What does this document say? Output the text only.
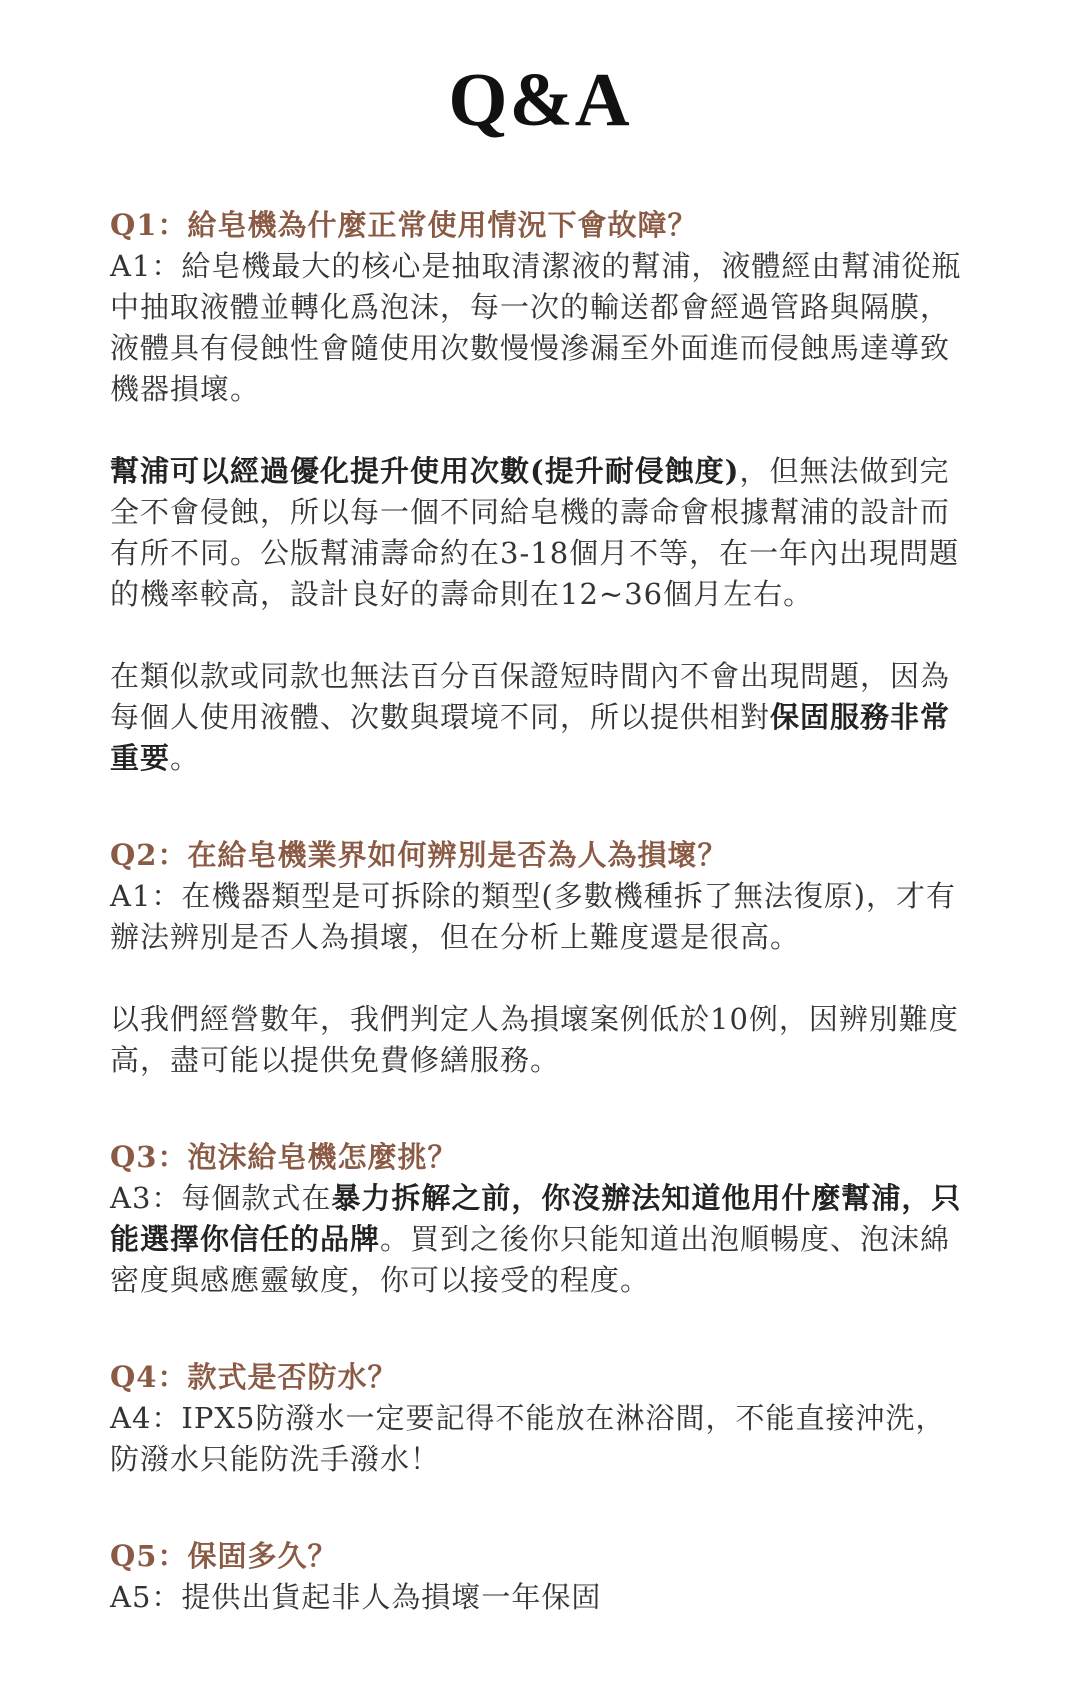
Q&A
Q1：給皂機為什麼正常使用情況下會故障？

A1：給皂機最大的核心是抽取清潔液的幫浦，液體經由幫浦從瓶中抽取液體並轉化爲泡沫，每一次的輸送都會經過管路與隔膜，液體具有侵蝕性會隨使用次數慢慢滲漏至外面進而侵蝕馬達導致機器損壞。

幫浦可以經過優化提升使用次數(提升耐侵蝕度)，但無法做到完全不會侵蝕，所以每一個不同給皂機的壽命會根據幫浦的設計而有所不同。公版幫浦壽命約在3-18個月不等，在一年內出現問題的機率較高，設計良好的壽命則在12~36個月左右。

在類似款或同款也無法百分百保證短時間內不會出現問題，因為每個人使用液體、次數與環境不同，所以提供相對保固服務非常重要。

Q2：在給皂機業界如何辨別是否為人為損壞？

A1：在機器類型是可拆除的類型(多數機種拆了無法復原)，才有辦法辨別是否人為損壞，但在分析上難度還是很高。

以我們經營數年，我們判定人為損壞案例低於10例，因辨別難度高，盡可能以提供免費修繕服務。

Q3：泡沫給皂機怎麼挑？

A3：每個款式在暴力拆解之前，你沒辦法知道他用什麼幫浦，只能選擇你信任的品牌。買到之後你只能知道出泡順暢度、泡沫綿密度與感應靈敏度，你可以接受的程度。

Q4：款式是否防水？

A4：IPX5防潑水一定要記得不能放在淋浴間，不能直接沖洗，防潑水只能防洗手潑水！

Q5：保固多久？

A5：提供出貨起非人為損壞一年保固
